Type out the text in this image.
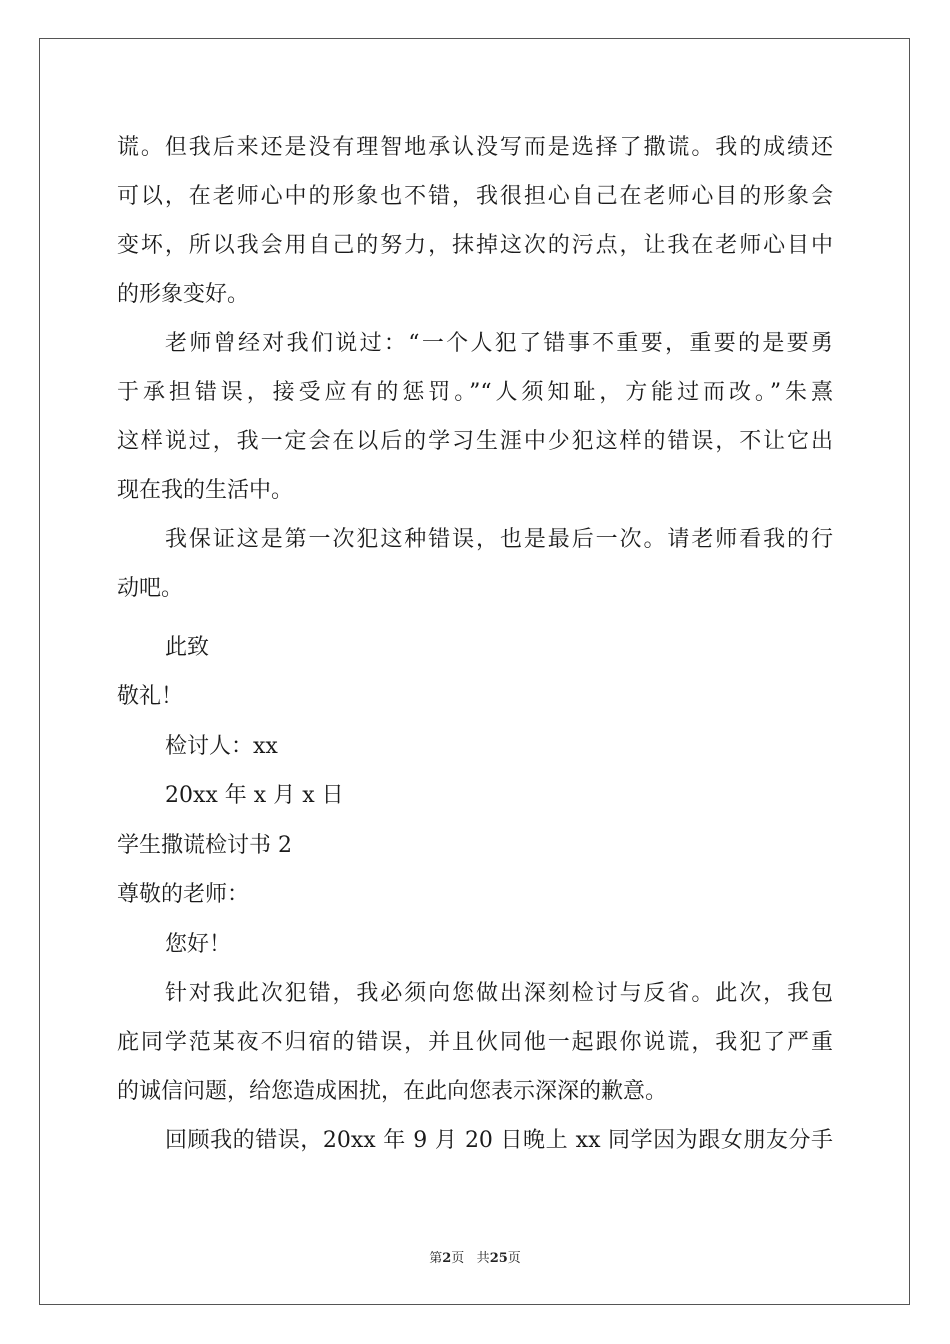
谎。但我后来还是没有理智地承认没写而是选择了撒谎。我的成绩还
可以，在老师心中的形象也不错，我很担心自己在老师心目的形象会
变坏，所以我会用自己的努力，抹掉这次的污点，让我在老师心目中
的形象变好。
老师曾经对我们说过：“一个人犯了错事不重要，重要的是要勇
于承担错误，接受应有的惩罚。”“人须知耻，方能过而改。”朱熹
这样说过，我一定会在以后的学习生涯中少犯这样的错误，不让它出
现在我的生活中。
我保证这是第一次犯这种错误，也是最后一次。请老师看我的行
动吧。
此致
敬礼！
检讨人：xx
20xx 年 x 月 x 日
学生撒谎检讨书 2
尊敬的老师：
您好！
针对我此次犯错，我必须向您做出深刻检讨与反省。此次，我包
庇同学范某夜不归宿的错误，并且伙同他一起跟你说谎，我犯了严重
的诚信问题，给您造成困扰，在此向您表示深深的歉意。
回顾我的错误，20xx 年 9 月 20 日晚上 xx 同学因为跟女朋友分手
第2页 共25页
